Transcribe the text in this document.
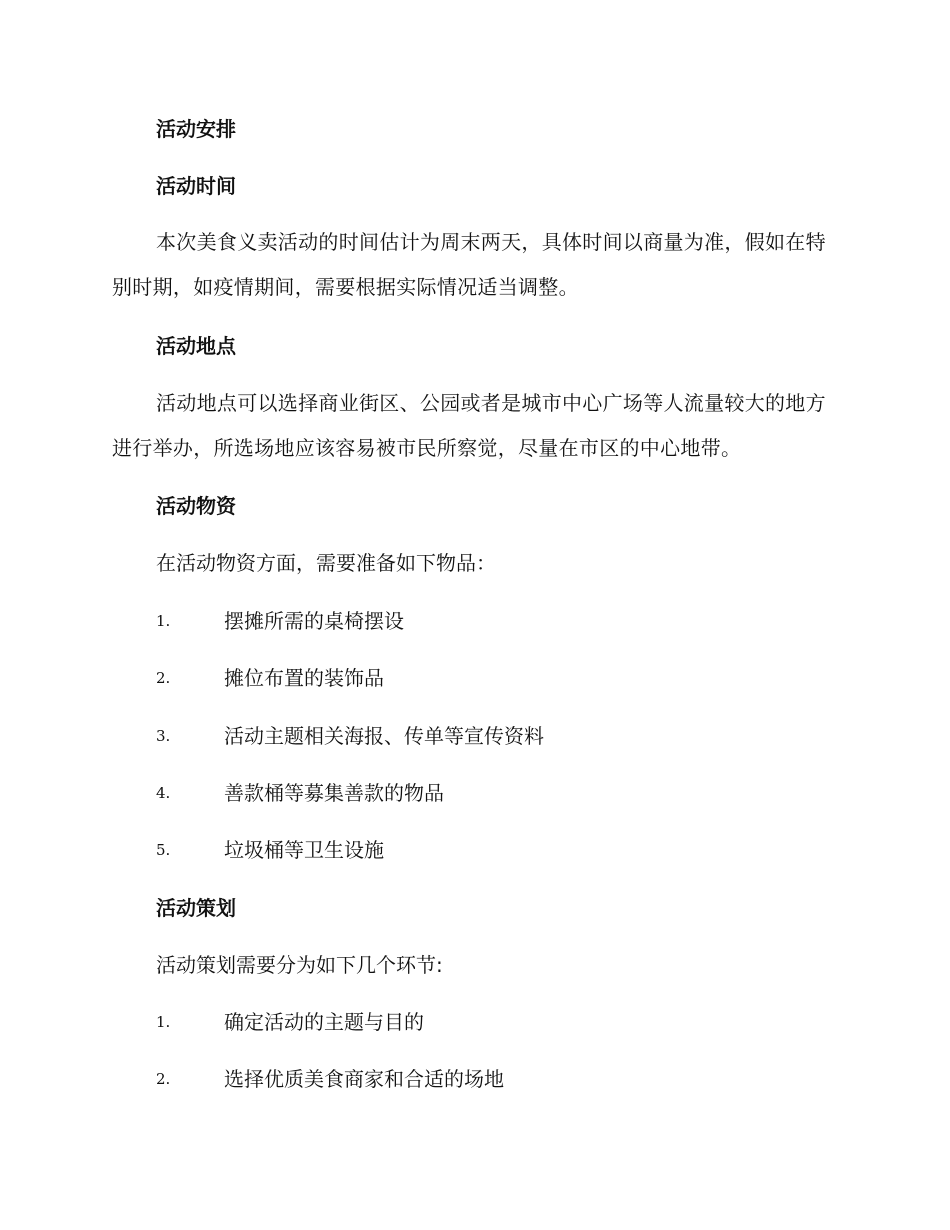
活动安排
活动时间
本次美食义卖活动的时间估计为周末两天，具体时间以商量为准，假如在特别时期，如疫情期间，需要根据实际情况适当调整。
活动地点
活动地点可以选择商业街区、公园或者是城市中心广场等人流量较大的地方进行举办，所选场地应该容易被市民所察觉，尽量在市区的中心地带。
活动物资
在活动物资方面，需要准备如下物品：
1.	摆摊所需的桌椅摆设
2.	摊位布置的装饰品
3.	活动主题相关海报、传单等宣传资料
4.	善款桶等募集善款的物品
5.	垃圾桶等卫生设施
活动策划
活动策划需要分为如下几个环节:
1.	确定活动的主题与目的
2.	选择优质美食商家和合适的场地
